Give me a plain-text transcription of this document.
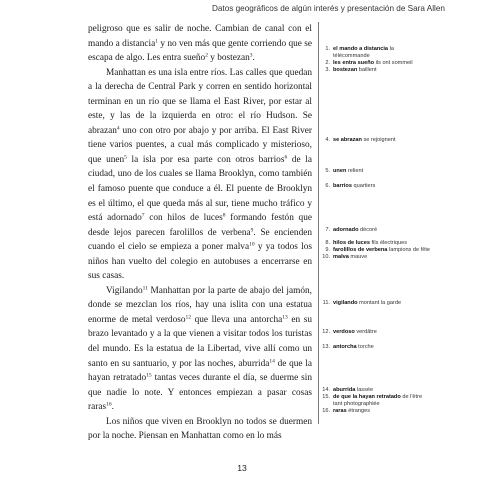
Datos geográficos de algún interés y presentación de Sara Allen

peligroso que es salir de noche. Cambian de canal con el mando a distancia$^1$ y no ven más que gente corriendo que se escapa de algo. Les entra sueño$^2$ y bostezan$^3$.

Manhattan es una isla entre ríos. Las calles que quedan a la derecha de Central Park y corren en sentido horizontal terminan en un río que se llama el East River, por estar al este, y las de la izquierda en otro: el río Hudson. Se abrazan$^4$ uno con otro por abajo y por arriba. El East River tiene varios puentes, a cual más complicado y misterioso, que unen$^5$ la isla por esa parte con otros barrios$^6$ de la ciudad, uno de los cuales se llama Brooklyn, como también el famoso puente que conduce a él. El puente de Brooklyn es el último, el que queda más al sur, tiene mucho tráfico y está adornado$^7$ con hilos de luces$^8$ formando festón que desde lejos parecen farolillos de verbena$^9$. Se encienden cuando el cielo se empieza a poner malva$^{10}$ y ya todos los niños han vuelto del colegio en autobuses a encerrarse en sus casas.

Vigilando$^{11}$ Manhattan por la parte de abajo del jamón, donde se mezclan los ríos, hay una islita con una estatua enorme de metal verdoso$^{12}$ que lleva una antorcha$^{13}$ en su brazo levantado y a la que vienen a visitar todos los turistas del mundo. Es la estatua de la Libertad, vive allí como un santo en su santuario, y por las noches, aburrida$^{14}$ de que la hayan retratado$^{15}$ tantas veces durante el día, se duerme sin que nadie lo note. Y entonces empiezan a pasar cosas raras$^{16}$.

Los niños que viven en Brooklyn no todos se duermen por la noche. Piensan en Manhattan como en lo más

1. el mando a distancia la télécommande
2. les entra sueño ils ont sommeil
3. bostezan baillent
4. se abrazan se rejoignent
5. unen relient
6. barrios quartiers
7. adornado décoré
8. hilos de luces fils électriques
9. farolillos de verbena lampions de fête
10. malva mauve
11. vigilando montant la garde
12. verdoso verdâtre
13. antorcha torche
14. aburrida lassée
15. de que la hayan retratado de l'être tant photographiée
16. raras étranges
13
